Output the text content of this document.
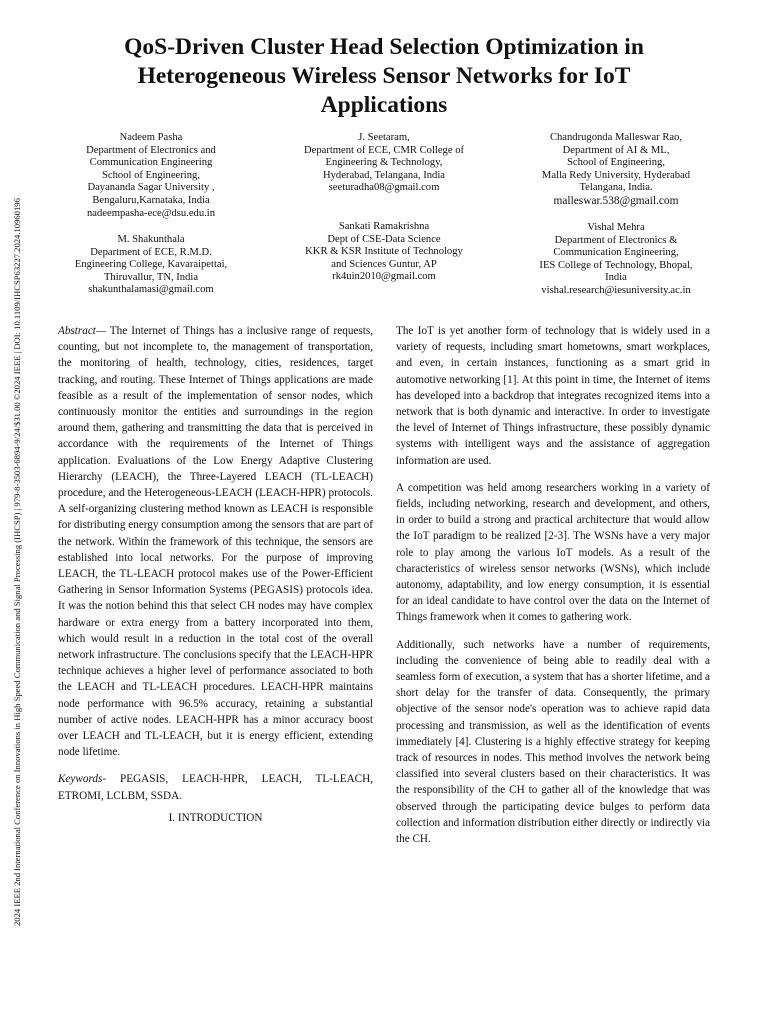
2024 IEEE 2nd International Conference on Innovations in High Speed Communication and Signal Processing (IHCSP) | 979-8-3503-6894-9/24/$31.00 ©2024 IEEE | DOI: 10.1109/IHCSP63227.2024.10960196
QoS-Driven Cluster Head Selection Optimization in Heterogeneous Wireless Sensor Networks for IoT Applications
Nadeem Pasha
Department of Electronics and
Communication Engineering
School of Engineering,
Dayananda Sagar University ,
Bengaluru,Karnataka, India
nadeempasha-ece@dsu.edu.in
J. Seetaram,
Department of ECE, CMR College of
Engineering & Technology,
Hyderabad, Telangana, India
seeturadha08@gmail.com
Chandrugonda Malleswar Rao,
Department of AI & ML,
School of Engineering,
Malla Redy University, Hyderabad
Telangana, India.
malleswar.538@gmail.com
M. Shakunthala
Department of ECE, R.M.D.
Engineering College, Kavaraipettai,
Thiruvallur, TN, India
shakunthalamasi@gmail.com
Sankati Ramakrishna
Dept of CSE-Data Science
KKR & KSR Institute of Technology
and Sciences Guntur, AP
rk4uin2010@gmail.com
Vishal Mehra
Department of Electronics &
Communication Engineering,
IES College of Technology, Bhopal,
India
vishal.research@iesuniversity.ac.in

Abstract— The Internet of Things has a inclusive range of requests, counting, but not incomplete to, the management of transportation, the monitoring of health, technology, cities, residences, target tracking, and routing. These Internet of Things applications are made feasible as a result of the implementation of sensor nodes, which continuously monitor the entities and surroundings in the region around them, gathering and transmitting the data that is perceived in accordance with the requirements of the Internet of Things application. Evaluations of the Low Energy Adaptive Clustering Hierarchy (LEACH), the Three-Layered LEACH (TL-LEACH) procedure, and the Heterogeneous-LEACH (LEACH-HPR) protocols. A self-organizing clustering method known as LEACH is responsible for distributing energy consumption among the sensors that are part of the network. Within the framework of this technique, the sensors are established into local networks. For the purpose of improving LEACH, the TL-LEACH protocol makes use of the Power-Efficient Gathering in Sensor Information Systems (PEGASIS) protocols idea. It was the notion behind this that select CH nodes may have complex hardware or extra energy from a battery incorporated into them, which would result in a reduction in the total cost of the overall network infrastructure. The conclusions specify that the LEACH-HPR technique achieves a higher level of performance associated to both the LEACH and TL-LEACH procedures. LEACH-HPR maintains node performance with 96.5% accuracy, retaining a substantial number of active nodes. LEACH-HPR has a minor accuracy boost over LEACH and TL-LEACH, but it is energy efficient, extending node lifetime.

Keywords- PEGASIS, LEACH-HPR, LEACH, TL-LEACH, ETROMI, LCLBM, SSDA.

I. INTRODUCTION

The IoT is yet another form of technology that is widely used in a variety of requests, including smart hometowns, smart workplaces, and even, in certain instances, functioning as a smart grid in automotive networking [1]. At this point in time, the Internet of items has developed into a backdrop that integrates recognized items into a network that is both dynamic and interactive. In order to investigate the level of Internet of Things infrastructure, these possibly dynamic systems with intelligent ways and the assistance of aggregation information are used.

A competition was held among researchers working in a variety of fields, including networking, research and development, and others, in order to build a strong and practical architecture that would allow the IoT paradigm to be realized [2-3]. The WSNs have a very major role to play among the various IoT models. As a result of the characteristics of wireless sensor networks (WSNs), which include autonomy, adaptability, and low energy consumption, it is essential for an ideal candidate to have control over the data on the Internet of Things framework when it comes to gathering work.

Additionally, such networks have a number of requirements, including the convenience of being able to readily deal with a seamless form of execution, a system that has a shorter lifetime, and a short delay for the transfer of data. Consequently, the primary objective of the sensor node's operation was to achieve rapid data processing and transmission, as well as the identification of events immediately [4]. Clustering is a highly effective strategy for keeping track of resources in nodes. This method involves the network being classified into several clusters based on their characteristics. It was the responsibility of the CH to gather all of the knowledge that was observed through the participating device bulges to perform data collection and information distribution either directly or indirectly via the CH.
